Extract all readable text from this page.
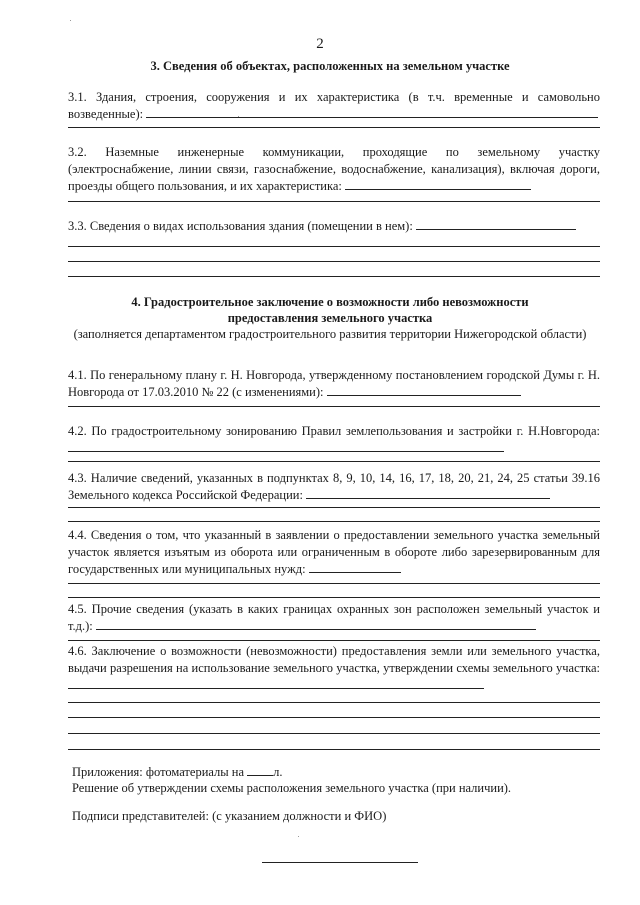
2
3. Сведения об объектах, расположенных на земельном участке
3.1. Здания, строения, сооружения и их характеристика (в т.ч. временные и самовольно возведенные):
3.2. Наземные инженерные коммуникации, проходящие по земельному участку (электроснабжение, линии связи, газоснабжение, водоснабжение, канализация), включая дороги, проезды общего пользования, и их характеристика:
3.3. Сведения о видах использования здания (помещении в нем):
4. Градостроительное заключение о возможности либо невозможности
предоставления земельного участка
(заполняется департаментом градостроительного развития территории Нижегородской области)
4.1. По генеральному плану г. Н. Новгорода, утвержденному постановлением городской Думы г. Н. Новгорода от 17.03.2010 № 22 (с изменениями):
4.2. По градостроительному зонированию Правил землепользования и застройки г. Н.Новгорода:
4.3. Наличие сведений, указанных в подпунктах 8, 9, 10, 14, 16, 17, 18, 20, 21, 24, 25 статьи 39.16 Земельного кодекса Российской Федерации:
4.4. Сведения о том, что указанный в заявлении о предоставлении земельного участка земельный участок является изъятым из оборота или ограниченным в обороте либо зарезервированным для государственных или муниципальных нужд:
4.5. Прочие сведения (указать в каких границах охранных зон расположен земельный участок и т.д.):
4.6. Заключение о возможности (невозможности) предоставления земли или земельного участка, выдачи разрешения на использование земельного участка, утверждении схемы земельного участка:
Приложения: фотоматериалы на л.
Решение об утверждении схемы расположения земельного участка (при наличии).
Подписи представителей: (с указанием должности и ФИО)
